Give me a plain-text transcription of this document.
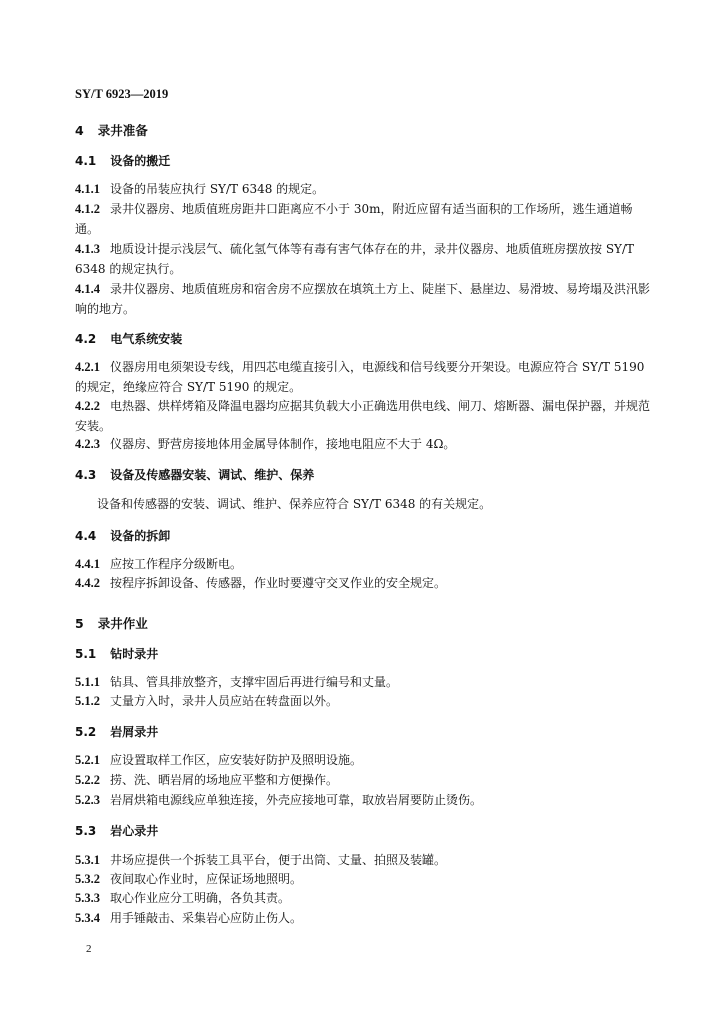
SY/T 6923—2019
4 录井准备
4.1 设备的搬迁
4.1.1 设备的吊装应执行 SY/T 6348 的规定。
4.1.2 录井仪器房、地质值班房距井口距离应不小于 30m，附近应留有适当面积的工作场所，逃生通道畅通。
4.1.3 地质设计提示浅层气、硫化氢气体等有毒有害气体存在的井，录井仪器房、地质值班房摆放按 SY/T 6348 的规定执行。
4.1.4 录井仪器房、地质值班房和宿舍房不应摆放在填筑土方上、陡崖下、悬崖边、易滑坡、易垮塌及洪汛影响的地方。
4.2 电气系统安装
4.2.1 仪器房用电须架设专线，用四芯电缆直接引入，电源线和信号线要分开架设。电源应符合 SY/T 5190 的规定，绝缘应符合 SY/T 5190 的规定。
4.2.2 电热器、烘样烤箱及降温电器均应据其负载大小正确选用供电线、闸刀、熔断器、漏电保护器，并规范安装。
4.2.3 仪器房、野营房接地体用金属导体制作，接地电阻应不大于 4Ω。
4.3 设备及传感器安装、调试、维护、保养
设备和传感器的安装、调试、维护、保养应符合 SY/T 6348 的有关规定。
4.4 设备的拆卸
4.4.1 应按工作程序分级断电。
4.4.2 按程序拆卸设备、传感器，作业时要遵守交叉作业的安全规定。
5 录井作业
5.1 钻时录井
5.1.1 钻具、管具排放整齐，支撑牢固后再进行编号和丈量。
5.1.2 丈量方入时，录井人员应站在转盘面以外。
5.2 岩屑录井
5.2.1 应设置取样工作区，应安装好防护及照明设施。
5.2.2 捞、洗、晒岩屑的场地应平整和方便操作。
5.2.3 岩屑烘箱电源线应单独连接，外壳应接地可靠，取放岩屑要防止烫伤。
5.3 岩心录井
5.3.1 井场应提供一个拆装工具平台，便于出筒、丈量、拍照及装罐。
5.3.2 夜间取心作业时，应保证场地照明。
5.3.3 取心作业应分工明确，各负其责。
5.3.4 用手锤敲击、采集岩心应防止伤人。
2
